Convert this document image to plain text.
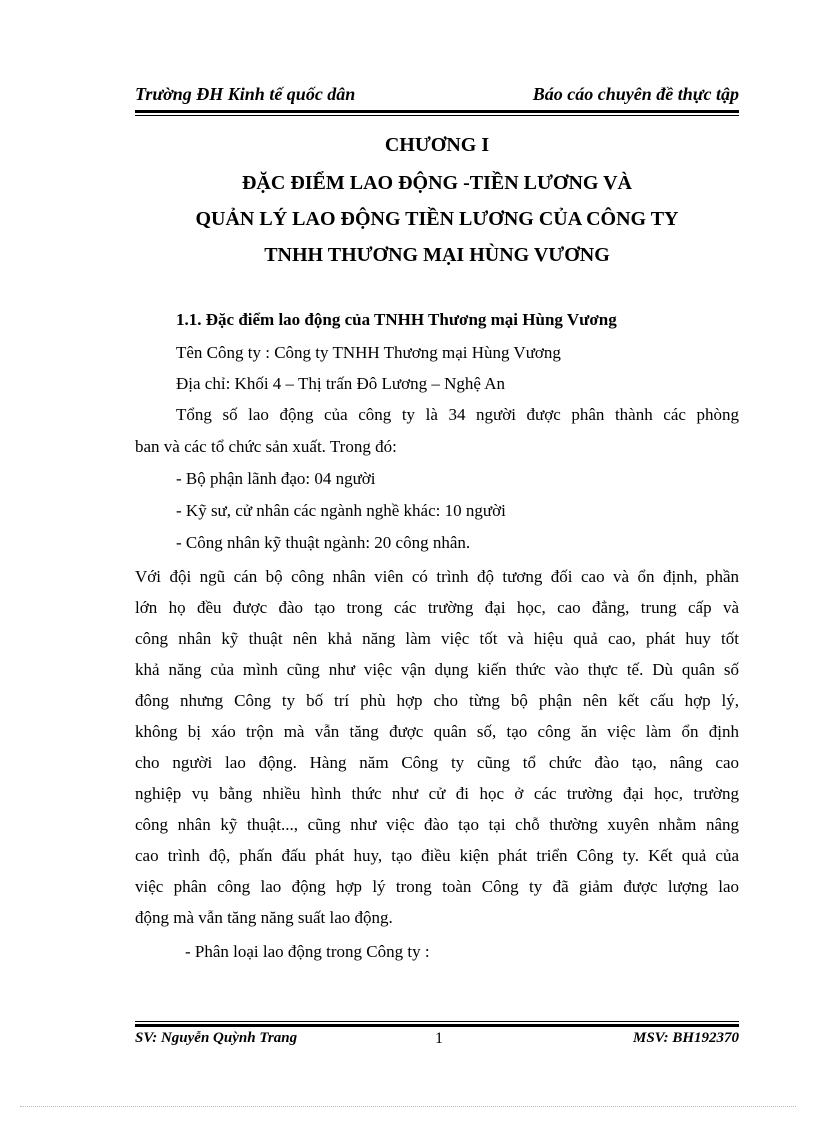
Trường ĐH Kinh tế quốc dân	Báo cáo chuyên đề thực tập
CHƯƠNG I
ĐẶC ĐIỂM LAO ĐỘNG -TIỀN LƯƠNG VÀ
QUẢN LÝ LAO ĐỘNG TIỀN LƯƠNG CỦA CÔNG TY
TNHH THƯƠNG MẠI HÙNG VƯƠNG
1.1. Đặc điểm lao động của TNHH Thương mại Hùng Vương
Tên Công ty : Công ty TNHH Thương mại Hùng Vương
Địa chỉ: Khối 4 – Thị trấn Đô Lương – Nghệ An
Tổng số lao động của công ty là 34 người được phân thành các phòng
ban và các tổ chức sản xuất. Trong đó:
- Bộ phận lãnh đạo: 04 người
- Kỹ sư, cử nhân các ngành nghề khác: 10 người
- Công nhân kỹ thuật ngành: 20 công nhân.
Với đội ngũ cán bộ công nhân viên có trình độ tương đối cao và ổn định, phần
lớn họ đều được đào tạo trong các trường đại học, cao đẳng, trung cấp và
công nhân kỹ thuật nên khả năng làm việc tốt và hiệu quả cao, phát huy tốt
khả năng của mình cũng như việc vận dụng kiến thức vào thực tế. Dù quân số
đông nhưng Công ty bố trí phù hợp cho từng bộ phận nên kết cấu hợp lý,
không bị xáo trộn mà vẫn tăng được quân số, tạo công ăn việc làm ổn định
cho người lao động. Hàng năm Công ty cũng tổ chức đào tạo, nâng cao
nghiệp vụ bằng nhiều hình thức như cử đi học ở các trường đại học, trường
công nhân kỹ thuật..., cũng như việc đào tạo tại chỗ thường xuyên nhằm nâng
cao trình độ, phấn đấu phát huy, tạo điều kiện phát triển Công ty. Kết quả của
việc phân công lao động hợp lý trong toàn Công ty đã giảm được lượng lao
động mà vẫn tăng năng suất lao động.
- Phân loại lao động trong Công ty :
SV: Nguyễn Quỳnh Trang	1	MSV: BH192370
